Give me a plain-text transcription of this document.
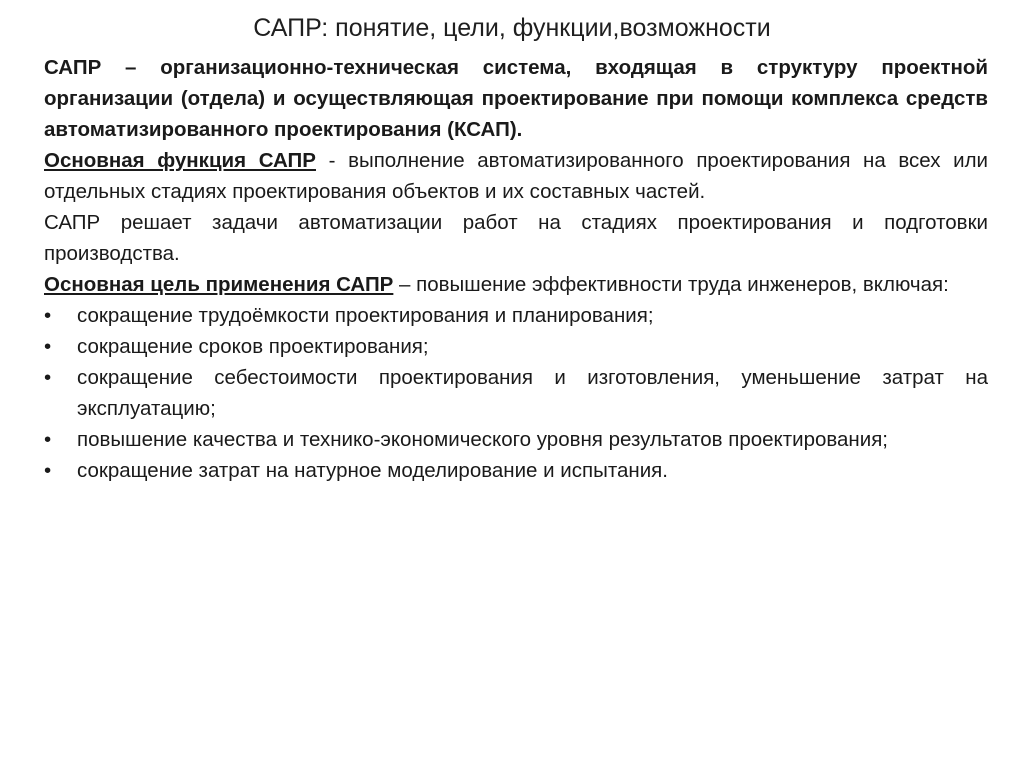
САПР: понятие, цели, функции,возможности

САПР – организационно-техническая система, входящая в структуру проектной организации (отдела) и осуществляющая проектирование при помощи комплекса средств автоматизированного проектирования (КСАП).

Основная функция САПР - выполнение автоматизированного проектирования на всех или отдельных стадиях проектирования объектов и их составных частей.

САПР решает задачи автоматизации работ на стадиях проектирования и подготовки производства.

Основная цель применения САПР – повышение эффективности труда инженеров, включая:

• сокращение трудоёмкости проектирования и планирования;
• сокращение сроков проектирования;
• сокращение себестоимости проектирования и изготовления, уменьшение затрат на эксплуатацию;
• повышение качества и технико-экономического уровня результатов проектирования;
• сокращение затрат на натурное моделирование и испытания.
